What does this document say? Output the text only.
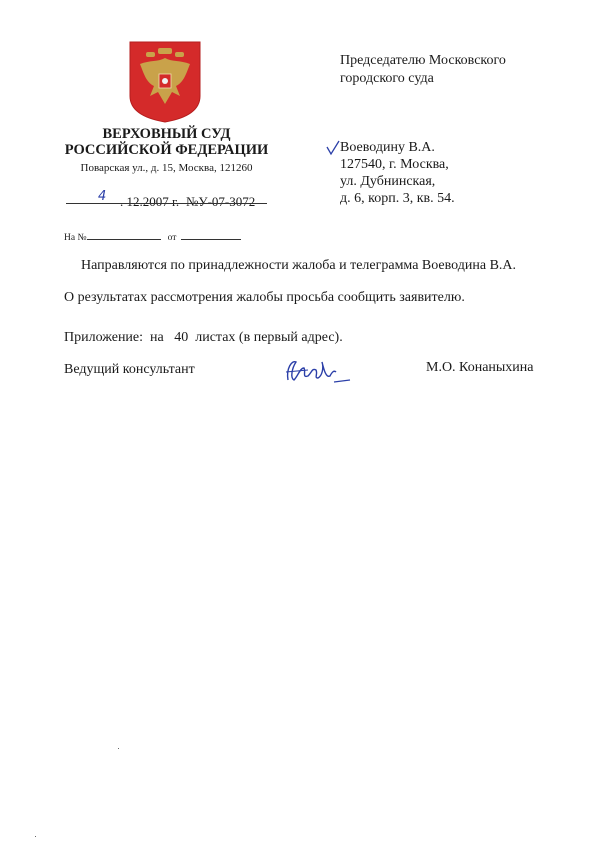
ВЕРХОВНЫЙ СУД
РОССИЙСКОЙ ФЕДЕРАЦИИ
Поварская ул., д. 15, Москва, 121260
4 . 12.2007 г. №У-07-3072
На №	от
Председателю Московского
городского суда
Воеводину В.А.
127540, г. Москва,
ул. Дубнинская,
д. 6, корп. 3, кв. 54.
Направляются по принадлежности жалоба и телеграмма Воеводина В.А.
О результатах рассмотрения жалобы просьба сообщить заявителю.
Приложение:  на   40  листах (в первый адрес).
Ведущий консультант	М.О. Конаныхина
